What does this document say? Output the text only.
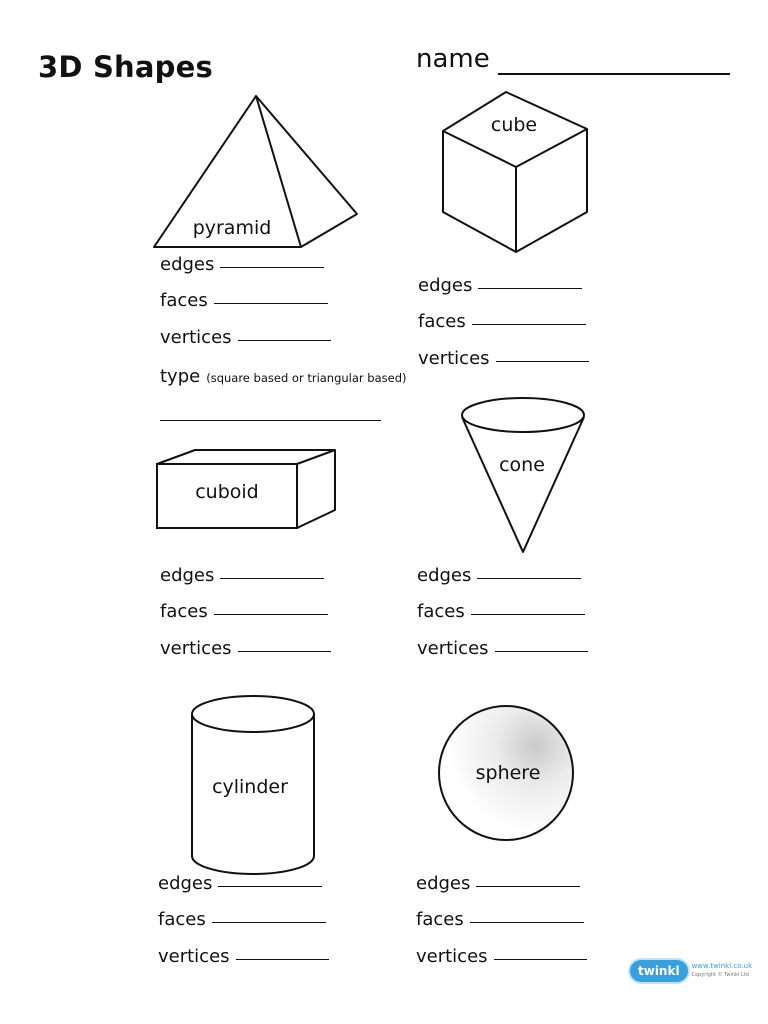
3D Shapes	name
pyramid
edges
faces
vertices
type (square based or triangular based)
cube
edges
faces
vertices
cuboid
edges
faces
vertices
cone
edges
faces
vertices
cylinder
edges
faces
vertices
sphere
edges
faces
vertices
twinkl	www.twinkl.co.uk
Copyright © Twinkl Ltd
